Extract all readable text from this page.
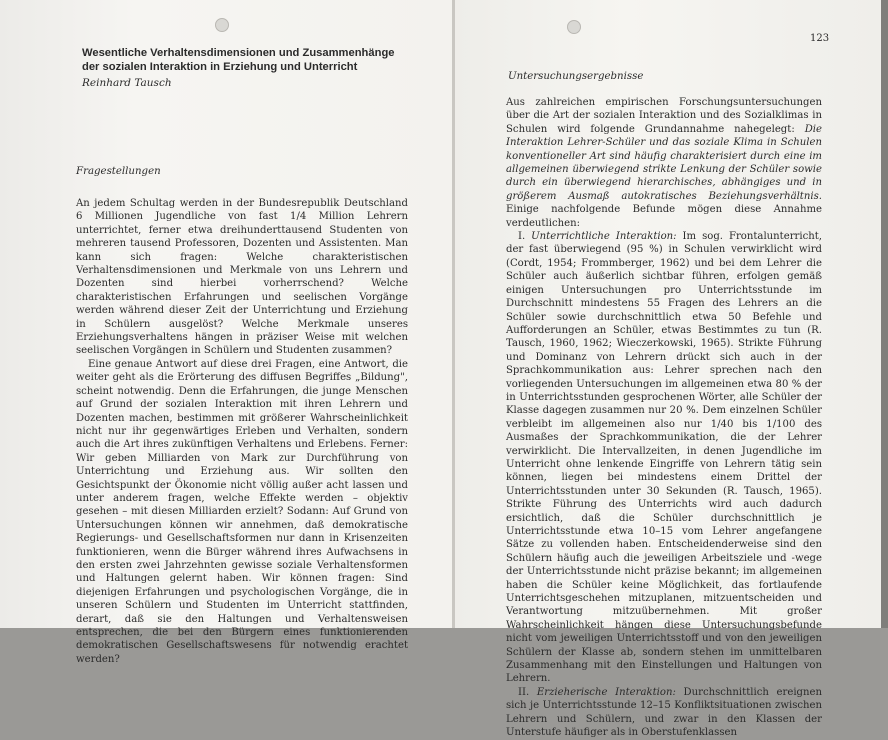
Wesentliche Verhaltensdimensionen und Zusammenhänge der sozialen Interaktion in Erziehung und Unterricht
Reinhard Tausch
Fragestellungen

An jedem Schultag werden in der Bundesrepublik Deutschland 6 Millionen Jugendliche von fast 1/4 Million Lehrern unterrichtet, ferner etwa dreihunderttausend Studenten von mehreren tausend Professoren, Dozenten und Assistenten. Man kann sich fragen: Welche charakteristischen Verhaltensdimensionen und Merkmale von uns Lehrern und Dozenten sind hierbei vorherrschend? Welche charakteristischen Erfahrungen und seelischen Vorgänge werden während dieser Zeit der Unterrichtung und Erziehung in Schülern ausgelöst? Welche Merkmale unseres Erziehungsverhaltens hängen in präziser Weise mit welchen seelischen Vorgängen in Schülern und Studenten zusammen?

Eine genaue Antwort auf diese drei Fragen, eine Antwort, die weiter geht als die Erörterung des diffusen Begriffes „Bildung", scheint notwendig. Denn die Erfahrungen, die junge Menschen auf Grund der sozialen Interaktion mit ihren Lehrern und Dozenten machen, bestimmen mit größerer Wahrscheinlichkeit nicht nur ihr gegenwärtiges Erleben und Verhalten, sondern auch die Art ihres zukünftigen Verhaltens und Erlebens. Ferner: Wir geben Milliarden von Mark zur Durchführung von Unterrichtung und Erziehung aus. Wir sollten den Gesichtspunkt der Ökonomie nicht völlig außer acht lassen und unter anderem fragen, welche Effekte werden – objektiv gesehen – mit diesen Milliarden erzielt? Sodann: Auf Grund von Untersuchungen können wir annehmen, daß demokratische Regierungs- und Gesellschaftsformen nur dann in Krisenzeiten funktionieren, wenn die Bürger während ihres Aufwachsens in den ersten zwei Jahrzehnten gewisse soziale Verhaltensformen und Haltungen gelernt haben. Wir können fragen: Sind diejenigen Erfahrungen und psychologischen Vorgänge, die in unseren Schülern und Studenten im Unterricht stattfinden, derart, daß sie den Haltungen und Verhaltensweisen entsprechen, die bei den Bürgern eines funktionierenden demokratischen Gesellschaftswesens für notwendig erachtet werden?

123
Untersuchungsergebnisse

Aus zahlreichen empirischen Forschungsuntersuchungen über die Art der sozialen Interaktion und des Sozialklimas in Schulen wird folgende Grundannahme nahegelegt: Die Interaktion Lehrer-Schüler und das soziale Klima in Schulen konventioneller Art sind häufig charakterisiert durch eine im allgemeinen überwiegend strikte Lenkung der Schüler sowie durch ein überwiegend hierarchisches, abhängiges und in größerem Ausmaß autokratisches Beziehungsverhältnis. Einige nachfolgende Befunde mögen diese Annahme verdeutlichen:

I. Unterrichtliche Interaktion: Im sog. Frontalunterricht, der fast überwiegend (95 %) in Schulen verwirklicht wird (Cordt, 1954; Frommberger, 1962) und bei dem Lehrer die Schüler auch äußerlich sichtbar führen, erfolgen gemäß einigen Untersuchungen pro Unterrichtsstunde im Durchschnitt mindestens 55 Fragen des Lehrers an die Schüler sowie durchschnittlich etwa 50 Befehle und Aufforderungen an Schüler, etwas Bestimmtes zu tun (R. Tausch, 1960, 1962; Wieczerkowski, 1965). Strikte Führung und Dominanz von Lehrern drückt sich auch in der Sprachkommunikation aus: Lehrer sprechen nach den vorliegenden Untersuchungen im allgemeinen etwa 80 % der in Unterrichtsstunden gesprochenen Wörter, alle Schüler der Klasse dagegen zusammen nur 20 %. Dem einzelnen Schüler verbleibt im allgemeinen also nur 1/40 bis 1/100 des Ausmaßes der Sprachkommunikation, die der Lehrer verwirklicht. Die Intervallzeiten, in denen Jugendliche im Unterricht ohne lenkende Eingriffe von Lehrern tätig sein können, liegen bei mindestens einem Drittel der Unterrichtsstunden unter 30 Sekunden (R. Tausch, 1965). Strikte Führung des Unterrichts wird auch dadurch ersichtlich, daß die Schüler durchschnittlich je Unterrichtsstunde etwa 10–15 vom Lehrer angefangene Sätze zu vollenden haben. Entscheidenderweise sind den Schülern häufig auch die jeweiligen Arbeitsziele und -wege der Unterrichtsstunde nicht präzise bekannt; im allgemeinen haben die Schüler keine Möglichkeit, das fortlaufende Unterrichtsgeschehen mitzuplanen, mitzuentscheiden und Verantwortung mitzuübernehmen. Mit großer Wahrscheinlichkeit hängen diese Untersuchungsbefunde nicht vom jeweiligen Unterrichtsstoff und von den jeweiligen Schülern der Klasse ab, sondern stehen im unmittelbaren Zusammenhang mit den Einstellungen und Haltungen von Lehrern.

II. Erzieherische Interaktion: Durchschnittlich ereignen sich je Unterrichtsstunde 12–15 Konfliktsituationen zwischen Lehrern und Schülern, und zwar in den Klassen der Unterstufe häufiger als in Oberstufenklassen
